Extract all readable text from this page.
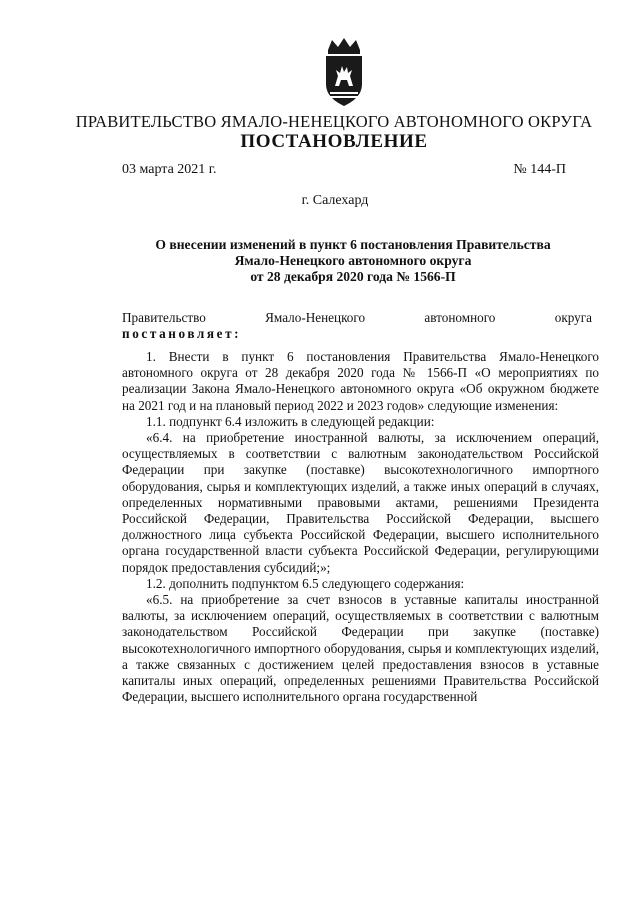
ПРАВИТЕЛЬСТВО ЯМАЛО-НЕНЕЦКОГО АВТОНОМНОГО ОКРУГА
ПОСТАНОВЛЕНИЕ
03 марта 2021 г.	№ 144-П
г. Салехард
О внесении изменений в пункт 6 постановления Правительства
Ямало-Ненецкого автономного округа
от 28 декабря 2020 года № 1566-П
Правительство	Ямало-Ненецкого	автономного	округа
постановляет:

1. Внести в пункт 6 постановления Правительства Ямало-Ненецкого автономного округа от 28 декабря 2020 года № 1566-П «О мероприятиях по реализации Закона Ямало-Ненецкого автономного округа «Об окружном бюджете на 2021 год и на плановый период 2022 и 2023 годов» следующие изменения:

1.1. подпункт 6.4 изложить в следующей редакции:

«6.4. на приобретение иностранной валюты, за исключением операций, осуществляемых в соответствии с валютным законодательством Российской Федерации при закупке (поставке) высокотехнологичного импортного оборудования, сырья и комплектующих изделий, а также иных операций в случаях, определенных нормативными правовыми актами, решениями Президента Российской Федерации, Правительства Российской Федерации, высшего должностного лица субъекта Российской Федерации, высшего исполнительного органа государственной власти субъекта Российской Федерации, регулирующими порядок предоставления субсидий;»;

1.2. дополнить подпунктом 6.5 следующего содержания:

«6.5. на приобретение за счет взносов в уставные капиталы иностранной валюты, за исключением операций, осуществляемых в соответствии с валютным законодательством Российской Федерации при закупке (поставке) высокотехнологичного импортного оборудования, сырья и комплектующих изделий, а также связанных с достижением целей предоставления взносов в уставные капиталы иных операций, определенных решениями Правительства Российской Федерации, высшего исполнительного органа государственной
